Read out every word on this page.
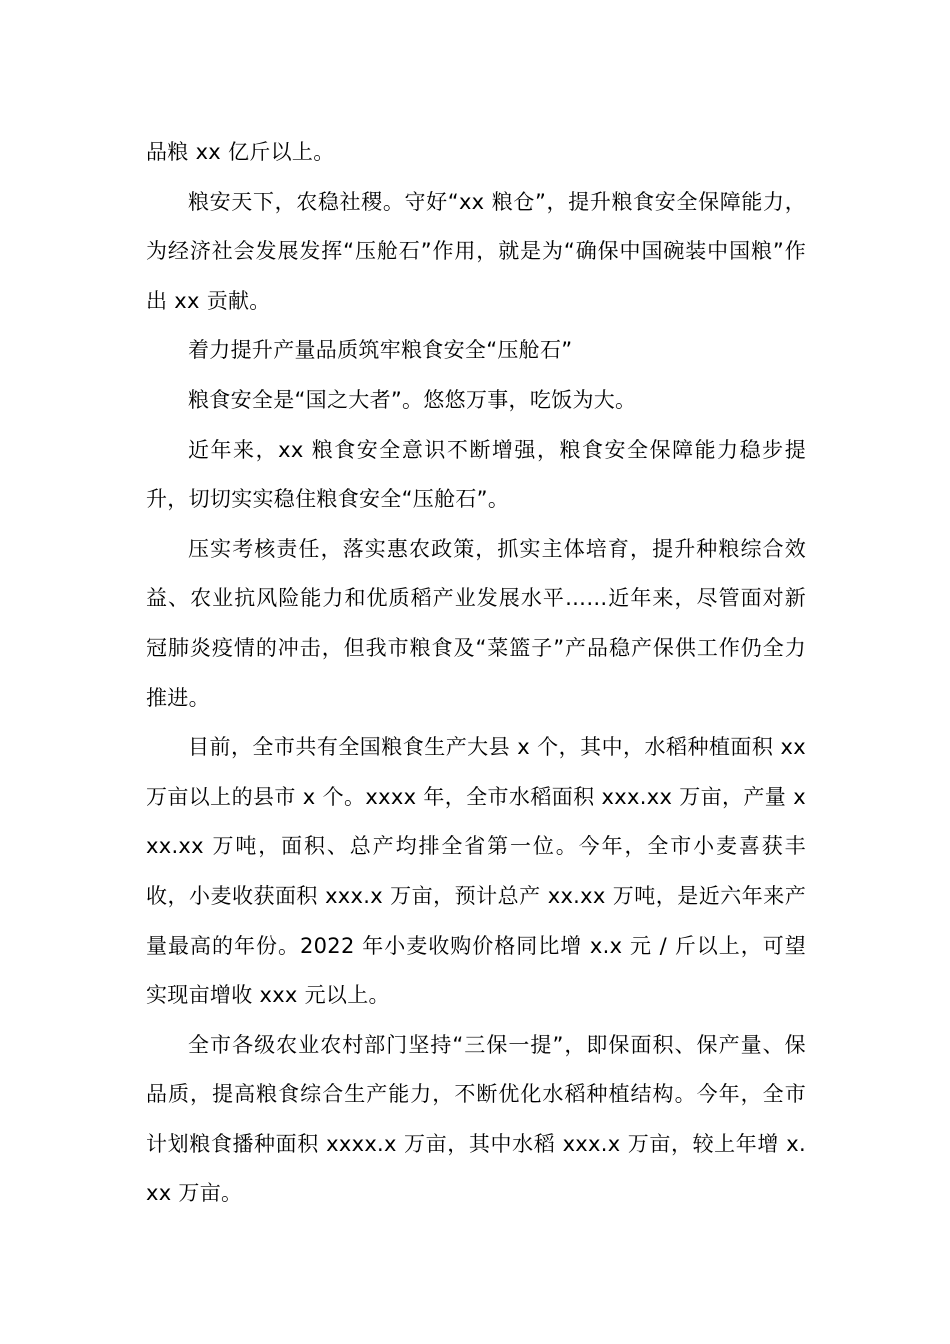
品粮 xx 亿斤以上。

粮安天下，农稳社稷。守好“xx 粮仓”，提升粮食安全保障能力，为经济社会发展发挥“压舱石”作用，就是为“确保中国碗装中国粮”作出 xx 贡献。

着力提升产量品质筑牢粮食安全“压舱石”

粮食安全是“国之大者”。悠悠万事，吃饭为大。

近年来，xx 粮食安全意识不断增强，粮食安全保障能力稳步提升，切切实实稳住粮食安全“压舱石”。

压实考核责任，落实惠农政策，抓实主体培育，提升种粮综合效益、农业抗风险能力和优质稻产业发展水平……近年来，尽管面对新冠肺炎疫情的冲击，但我市粮食及“菜篮子”产品稳产保供工作仍全力推进。

目前，全市共有全国粮食生产大县 x 个，其中，水稻种植面积 xx 万亩以上的县市 x 个。xxxx 年，全市水稻面积 xxx.xx 万亩，产量 xxx.xx 万吨，面积、总产均排全省第一位。今年，全市小麦喜获丰收，小麦收获面积 xxx.x 万亩，预计总产 xx.xx 万吨，是近六年来产量最高的年份。2022 年小麦收购价格同比增 x.x 元 / 斤以上，可望实现亩增收 xxx 元以上。

全市各级农业农村部门坚持“三保一提”，即保面积、保产量、保品质，提高粮食综合生产能力，不断优化水稻种植结构。今年，全市计划粮食播种面积 xxxx.x 万亩，其中水稻 xxx.x 万亩，较上年增 x.xx 万亩。
